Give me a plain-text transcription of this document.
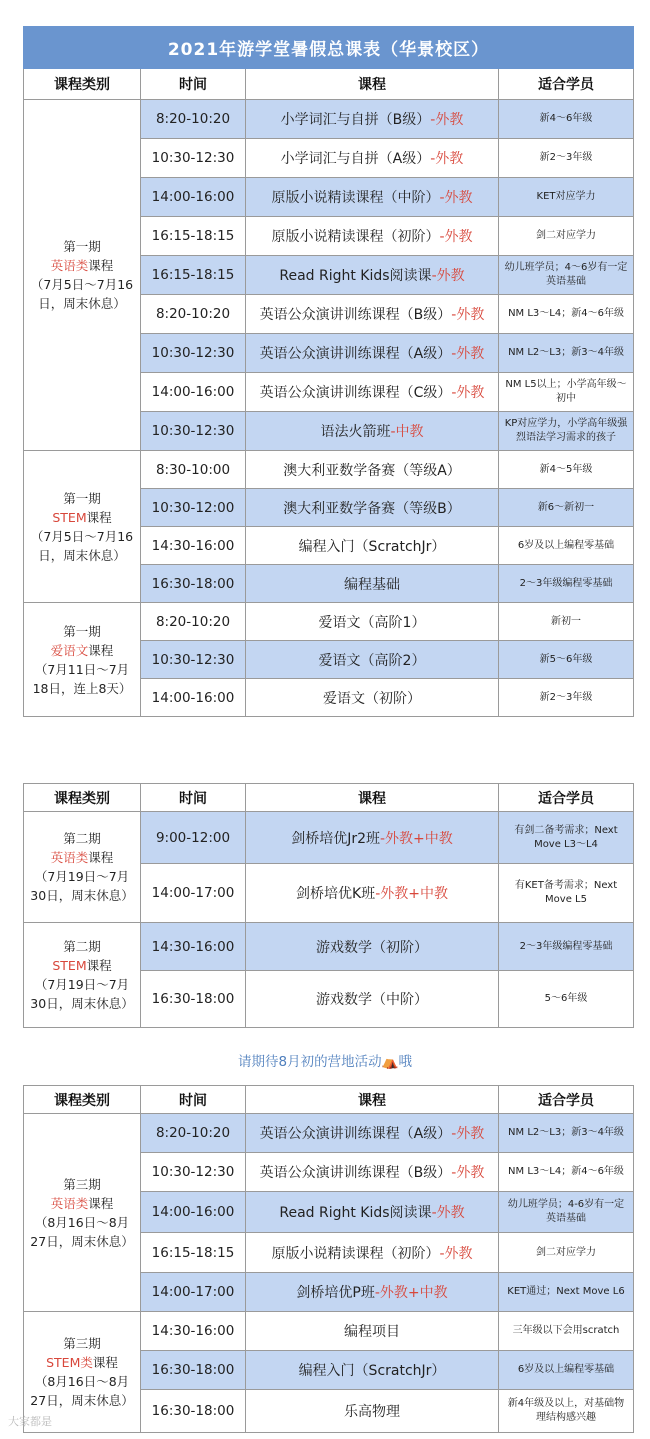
2021年游学堂暑假总课表（华景校区）			
课程类别	时间	课程	适合学员
第一期
英语类课程
（7月5日～7月16日，周末休息）	8:20-10:20	小学词汇与自拼（B级）-外教	新4～6年级
	10:30-12:30	小学词汇与自拼（A级）-外教	新2～3年级
	14:00-16:00	原版小说精读课程（中阶）-外教	KET对应学力
	16:15-18:15	原版小说精读课程（初阶）-外教	剑二对应学力
	16:15-18:15	Read Right Kids阅读课-外教	幼儿班学员；4～6岁有一定英语基础
	8:20-10:20	英语公众演讲训练课程（B级）-外教	NM L3～L4；新4～6年级
	10:30-12:30	英语公众演讲训练课程（A级）-外教	NM L2～L3；新3～4年级
	14:00-16:00	英语公众演讲训练课程（C级）-外教	NM L5以上；小学高年级～初中
	10:30-12:30	语法火箭班-中教	KP对应学力，小学高年级强烈语法学习需求的孩子
第一期
STEM课程
（7月5日～7月16日，周末休息）	8:30-10:00	澳大利亚数学备赛（等级A）	新4～5年级
	10:30-12:00	澳大利亚数学备赛（等级B）	新6～新初一
	14:30-16:00	编程入门（ScratchJr）	6岁及以上编程零基础
	16:30-18:00	编程基础	2～3年级编程零基础
第一期
爱语文课程
（7月11日～7月18日，连上8天）	8:20-10:20	爱语文（高阶1）	新初一
	10:30-12:30	爱语文（高阶2）	新5～6年级
	14:00-16:00	爱语文（初阶）	新2～3年级
课程类别	时间	课程	适合学员
第二期
英语类课程
（7月19日～7月30日，周末休息）	9:00-12:00	剑桥培优Jr2班-外教+中教	有剑二备考需求；Next Move L3～L4
	14:00-17:00	剑桥培优K班-外教+中教	有KET备考需求；Next Move L5
第二期
STEM课程
（7月19日～7月30日，周末休息）	14:30-16:00	游戏数学（初阶）	2～3年级编程零基础
	16:30-18:00	游戏数学（中阶）	5～6年级
请期待8月初的营地活动⛺哦
课程类别	时间	课程	适合学员
第三期
英语类课程
（8月16日～8月27日，周末休息）	8:20-10:20	英语公众演讲训练课程（A级）-外教	NM L2～L3；新3～4年级
	10:30-12:30	英语公众演讲训练课程（B级）-外教	NM L3～L4；新4～6年级
	14:00-16:00	Read Right Kids阅读课-外教	幼儿班学员；4-6岁有一定英语基础
	16:15-18:15	原版小说精读课程（初阶）-外教	剑二对应学力
	14:00-17:00	剑桥培优P班-外教+中教	KET通过；Next Move L6
第三期
STEM类课程
（8月16日～8月27日，周末休息）	14:30-16:00	编程项目	三年级以下会用scratch
	16:30-18:00	编程入门（ScratchJr）	6岁及以上编程零基础
	16:30-18:00	乐高物理	新4年级及以上，对基础物理结构感兴趣
大家都是
